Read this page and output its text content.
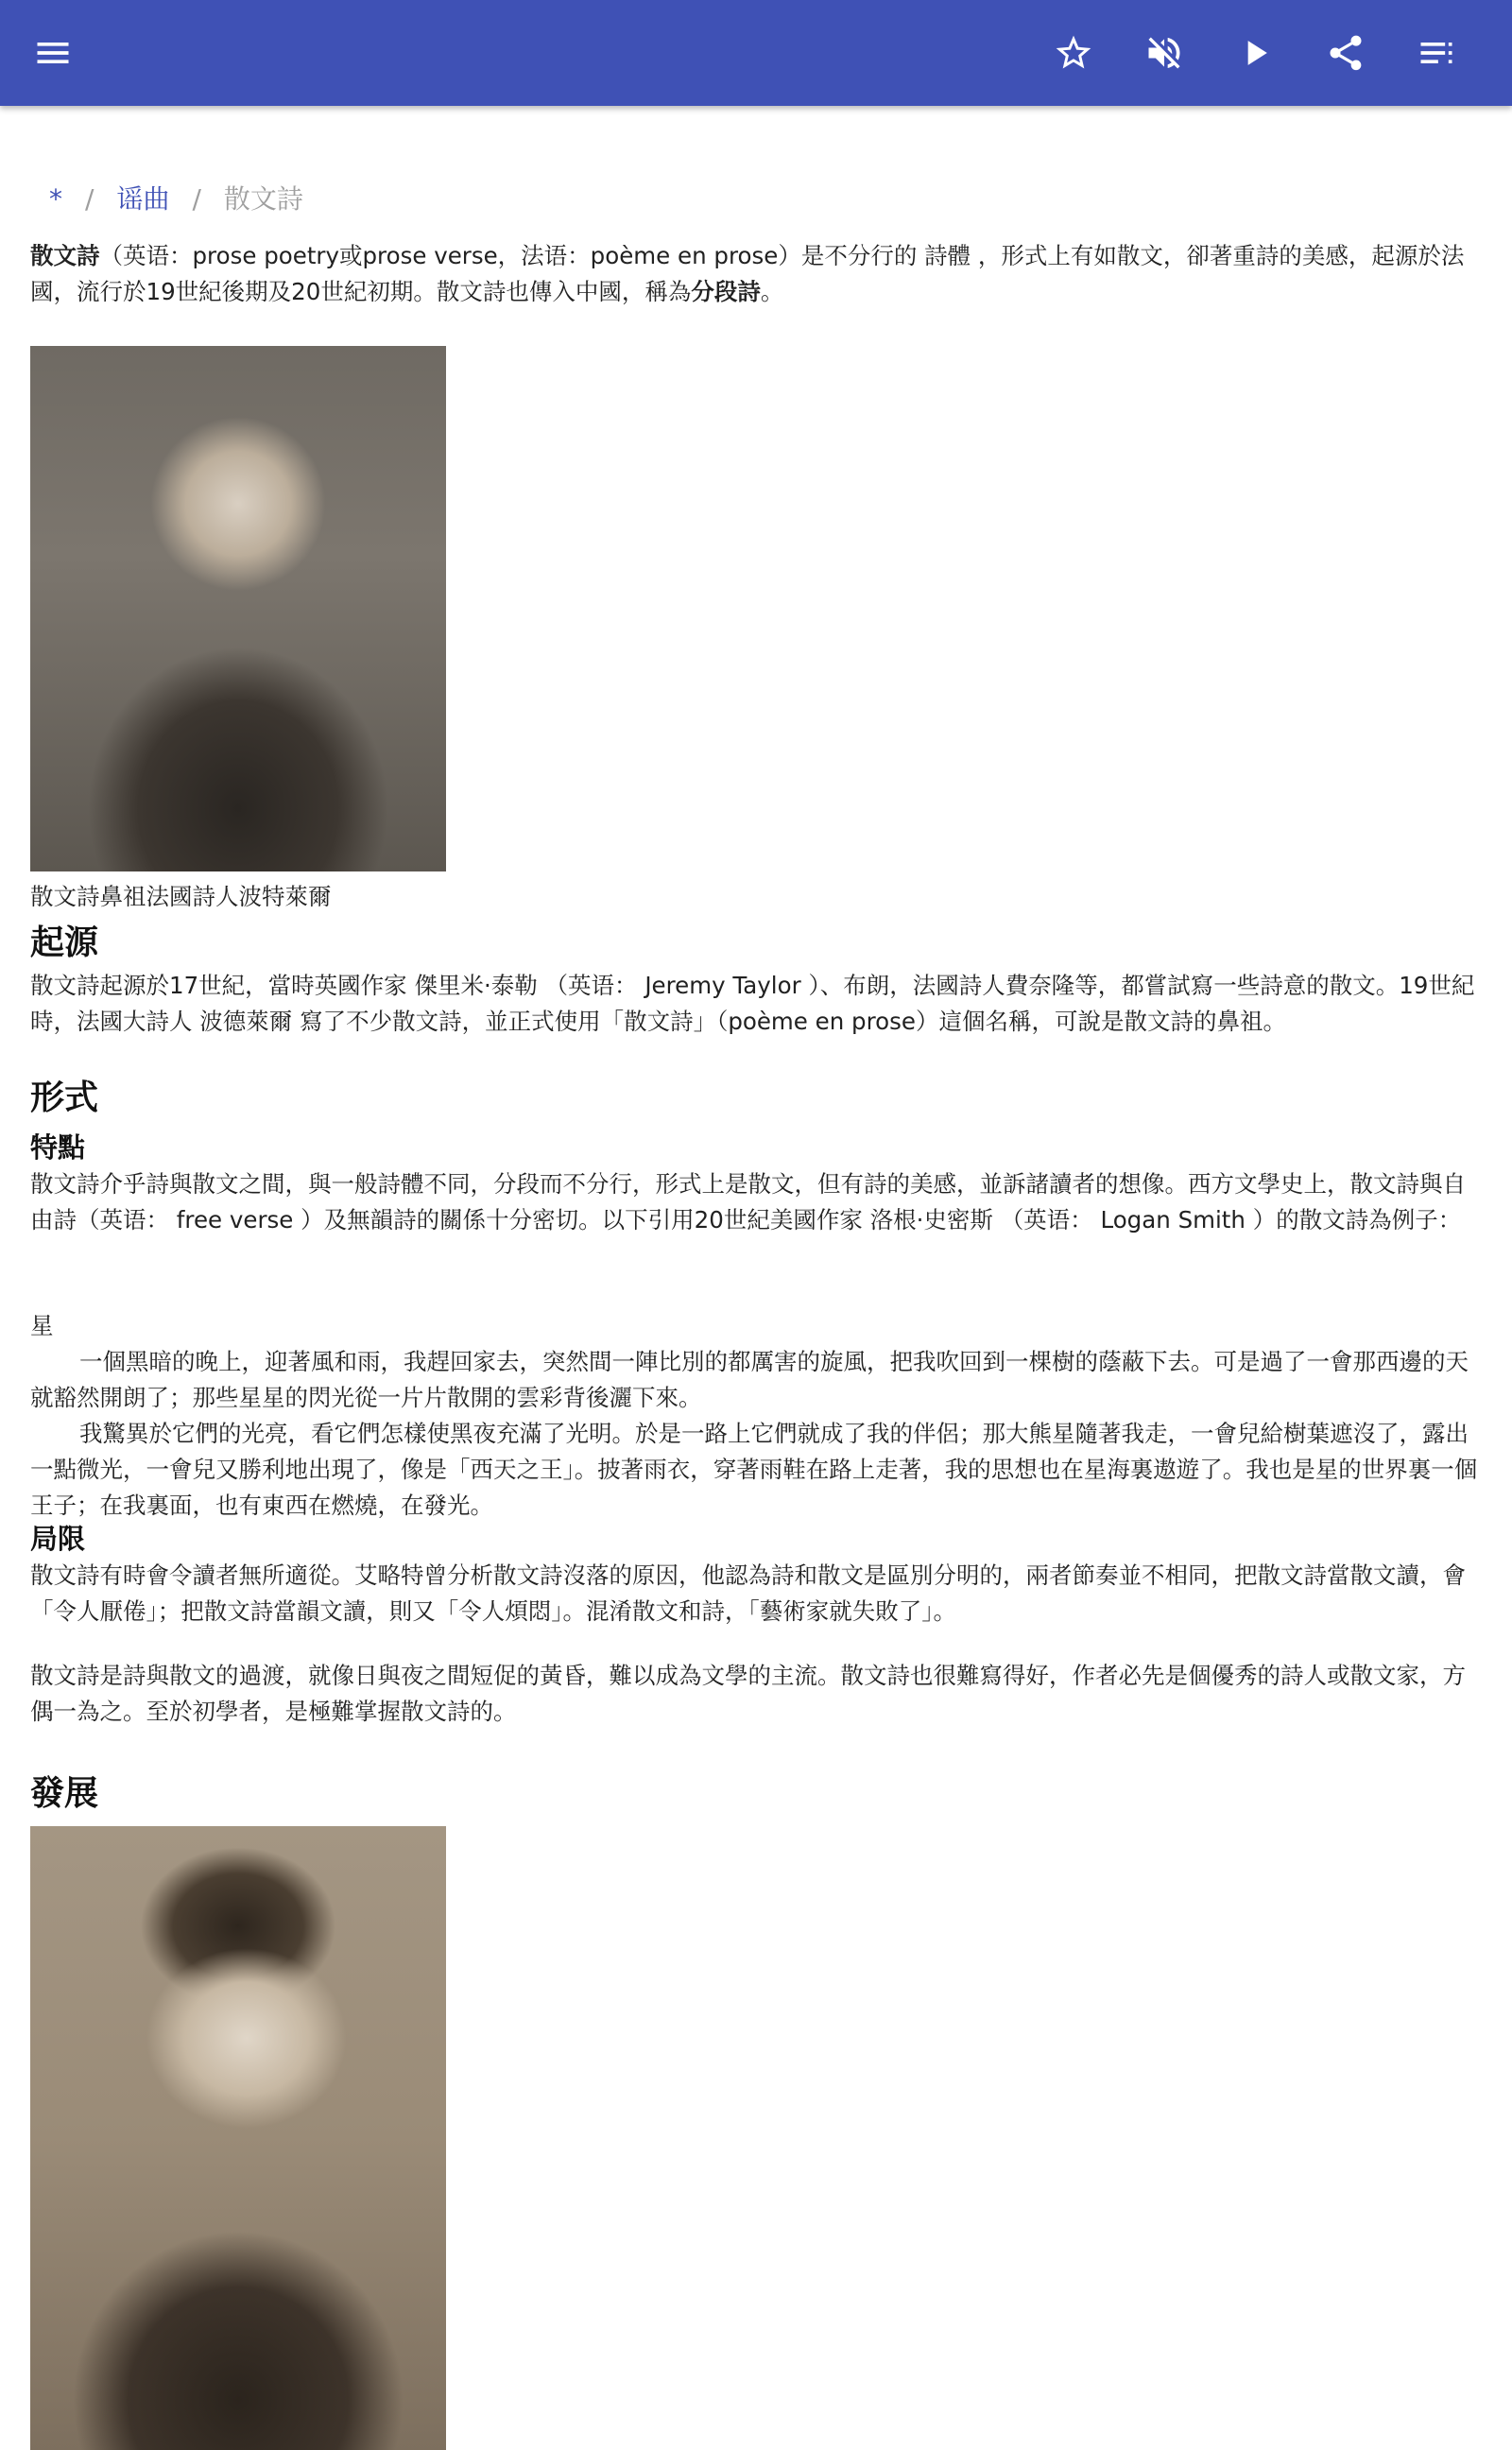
* / 谣曲 / 散文詩
散文詩（英语：prose poetry或prose verse，法语：poème en prose）是不分行的 詩體 ，形式上有如散文，卻著重詩的美感，起源於法國，流行於19世紀後期及20世紀初期。散文詩也傳入中國，稱為分段詩。
散文詩鼻祖法國詩人波特萊爾
起源
散文詩起源於17世紀，當時英國作家 傑里米·泰勒 （英语： Jeremy Taylor ）、布朗，法國詩人費奈隆等，都嘗試寫一些詩意的散文。19世紀時，法國大詩人 波德萊爾 寫了不少散文詩，並正式使用「散文詩」（poème en prose）這個名稱，可說是散文詩的鼻祖。
形式
特點
散文詩介乎詩與散文之間，與一般詩體不同，分段而不分行，形式上是散文，但有詩的美感，並訴諸讀者的想像。西方文學史上，散文詩與自由詩（英语： free verse ）及無韻詩的關係十分密切。以下引用20世紀美國作家 洛根·史密斯 （英语： Logan Smith ）的散文詩為例子：
星
一個黑暗的晚上，迎著風和雨，我趕回家去，突然間一陣比別的都厲害的旋風，把我吹回到一棵樹的蔭蔽下去。可是過了一會那西邊的天就豁然開朗了；那些星星的閃光從一片片散開的雲彩背後灑下來。
我驚異於它們的光亮，看它們怎樣使黑夜充滿了光明。於是一路上它們就成了我的伴侶；那大熊星隨著我走，一會兒給樹葉遮沒了，露出一點微光，一會兒又勝利地出現了，像是「西天之王」。披著雨衣，穿著雨鞋在路上走著，我的思想也在星海裏遨遊了。我也是星的世界裏一個王子；在我裏面，也有東西在燃燒，在發光。
局限
散文詩有時會令讀者無所適從。艾略特曾分析散文詩沒落的原因，他認為詩和散文是區別分明的，兩者節奏並不相同，把散文詩當散文讀，會「令人厭倦」；把散文詩當韻文讀，則又「令人煩悶」。混淆散文和詩，「藝術家就失敗了」。
散文詩是詩與散文的過渡，就像日與夜之間短促的黃昏，難以成為文學的主流。散文詩也很難寫得好，作者必先是個優秀的詩人或散文家，方偶一為之。至於初學者，是極難掌握散文詩的。
發展
